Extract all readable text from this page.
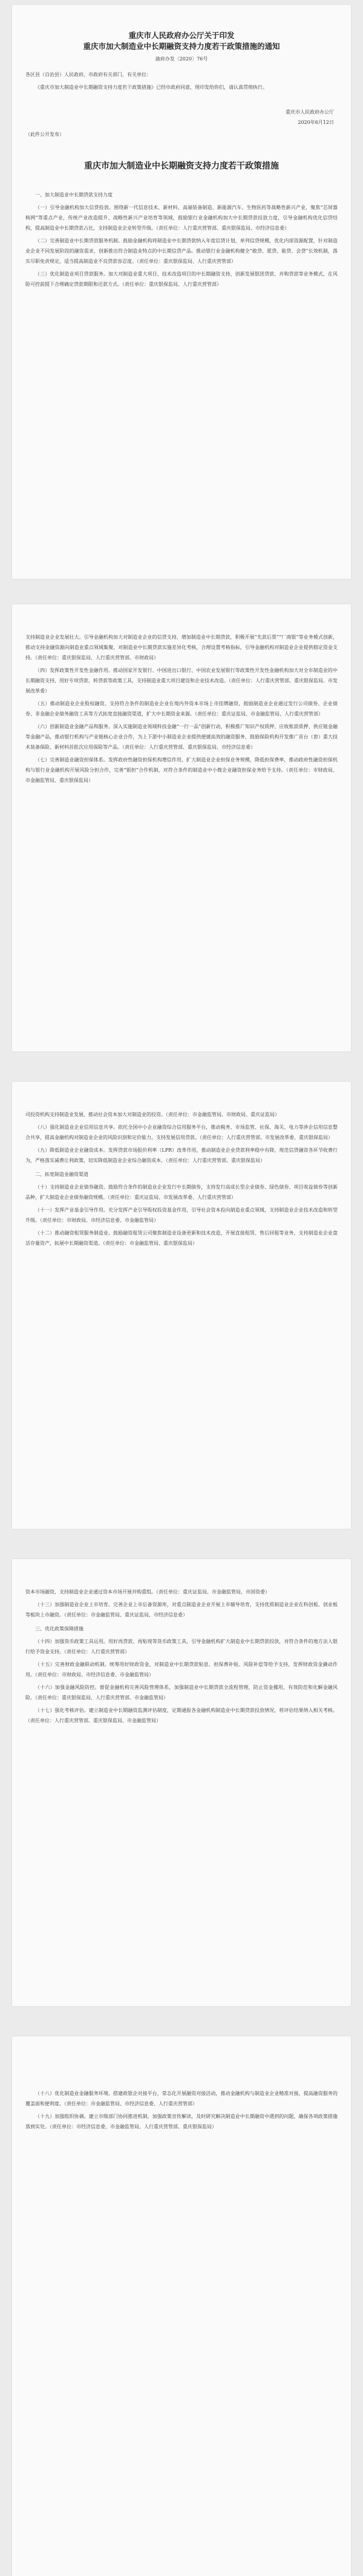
重庆市人民政府办公厅关于印发
重庆市加大制造业中长期融资支持力度若干政策措施的通知
渝府办发〔2020〕76号

各区县（自治县）人民政府，市政府有关部门，有关单位：

《重庆市加大制造业中长期融资支持力度若干政策措施》已经市政府同意，现印发给你们，请认真贯彻执行。

重庆市人民政府办公厅
2020年6月12日
（此件公开发布）
重庆市加大制造业中长期融资支持力度若干政策措施
一、加大制造业中长期贷款支持力度

（一）引导金融机构加大信贷投放。围绕新一代信息技术、新材料、高端装备制造、新能源汽车、生物医药等战略性新兴产业，聚焦“芯屏器核网”等重点产业，传统产业改造提升、战略性新兴产业培育等领域，鼓励银行业金融机构加大中长期贷款投放力度，引导金融机构优化信贷结构，提高制造业中长期贷款占比，支持制造业企业转型升级。（责任单位：人行重庆营管部、重庆银保监局、市经济信息委）

（二）完善制造业中长期贷款服务机制。鼓励金融机构将制造业中长期贷款纳入年度信贷计划，单列信贷规模，优化内部资源配置，针对制造业企业不同发展阶段的融资需求，创新推出符合制造业特点的中长期信贷产品。推动银行业金融机构健全“敢贷、愿贷、能贷、会贷”长效机制，落实尽职免责规定，适当提高制造业不良贷款容忍度。（责任单位：重庆银保监局、人行重庆营管部）

（三）优化制造业项目贷款服务。加大对制造业重大项目、技术改造项目的中长期融资支持，创新发展银团贷款、并购贷款等业务模式，在风险可控前提下合理确定贷款期限和还款方式。（责任单位：重庆银保监局、人行重庆营管部）

支持制造业企业发展壮大。引导金融机构加大对制造业企业的信贷支持，增加制造业中长期贷款，积极开展“先款后票”“厂商银”等业务模式创新，推动支持金融资源向制造业重点领域集聚，对制造业中长期贷款实施差异化考核，合理设置考核指标，引导金融机构对制造业企业提供稳定资金支持。（责任单位：重庆银保监局、人行重庆营管部、市财政局）

（四）发挥政策性开发性金融作用。推动国家开发银行、中国进出口银行、中国农业发展银行等政策性开发性金融机构加大对全市制造业的中长期融资支持，用好专项贷款、转贷款等政策工具，支持制造业重大项目建设和企业技术改造。（责任单位：人行重庆营管部、重庆银保监局、市发展改革委）

（五）推动制造业企业股权融资。支持符合条件的制造业企业在境内外资本市场上市挂牌融资，鼓励制造业企业通过发行公司债券、企业债券、非金融企业债务融资工具等方式拓宽直接融资渠道，扩大中长期资金来源。（责任单位：重庆证监局、市金融监管局、人行重庆营管部）

（六）创新制造业金融产品和服务。深入实施制造业领域科技金融“一行一品”创新行动，积极推广知识产权质押、应收账款质押、供应链金融等金融产品，推动银行机构与产业链核心企业合作，为上下游中小制造业企业提供便捷高效的融资服务，鼓励保险机构开发推广首台（套）重大技术装备保险、新材料首批次应用保险等产品。（责任单位：人行重庆营管部、重庆银保监局、市经济信息委）

（七）完善制造业融资担保体系。发挥政府性融资担保机构增信作用，扩大制造业企业担保业务规模，降低担保费率，推动政府性融资担保机构与银行业金融机构开展风险分担合作，完善“银担”合作机制，对符合条件的制造业中小微企业融资担保业务给予支持。（责任单位：市财政局、市金融监管局、重庆银保监局）

司投资机构支持制造业发展，推动社会资本加大对制造业的投资。（责任单位：市金融监管局、市财政局、重庆证监局）

（八）强化制造业企业信用信息共享。依托全国中小企业融资综合信用服务平台，推动税务、市场监管、社保、海关、电力等涉企信用信息整合共享，提高金融机构对制造业企业的风险识别和定价能力，支持发展信用贷款。（责任单位：人行重庆营管部、市发展改革委、重庆银保监局）

（九）降低制造业企业融资成本。发挥贷款市场报价利率（LPR）改革作用，推动制造业企业贷款利率稳中有降，规范信贷融资各环节收费行为，严格落实减费让利政策，切实降低制造业企业综合融资成本。（责任单位：人行重庆营管部、重庆银保监局）

二、拓宽制造业融资渠道

（十）支持制造业企业债券融资。鼓励符合条件的制造业企业发行中长期债券，支持发行高成长型企业债券、绿色债券、项目收益债券等创新品种，扩大制造业企业债券融资规模。（责任单位：重庆证监局、市发展改革委、人行重庆营管部）

（十一）发挥产业基金引导作用。充分发挥产业引导股权投资基金作用，引导社会资本投向制造业重点领域，支持制造业企业技术改造和转型升级。（责任单位：市财政局、市经济信息委、市金融监管局）

（十二）推动融资租赁服务制造业。鼓励融资租赁公司聚焦制造业设备更新和技术改造，开展直接租赁、售后回租等业务，支持制造业企业盘活存量资产，拓展中长期融资渠道。（责任单位：市金融监管局、重庆银保监局）

资本市场融资，支持制造业企业通过资本市场开展并购重组。（责任单位：重庆证监局、市金融监管局、市国资委）

（十三）加强制造业企业上市培育。完善企业上市后备资源库，对重点制造业企业开展上市辅导培育，支持优质制造业企业在科创板、创业板等板块上市融资。（责任单位：市金融监管局、重庆证监局、市经济信息委）

三、优化政策保障措施

（十四）加强货币政策工具运用。用好再贷款、再贴现等货币政策工具，引导金融机构扩大制造业中长期贷款投放，对符合条件的地方法人银行给予资金支持。（责任单位：人行重庆营管部）

（十五）完善财政金融联动机制。统筹用好财政资金，对制造业中长期贷款贴息、担保费补贴、风险补偿等给予支持，发挥财政资金撬动作用。（责任单位：市财政局、市经济信息委、市金融监管局）

（十六）加强金融风险防控。督促金融机构完善风险管理体系，加强制造业中长期贷款全流程管理，防止资金挪用，有效防范和化解金融风险。（责任单位：重庆银保监局、人行重庆营管部、市金融监管局）

（十七）强化考核评估。建立制造业中长期融资监测评估制度，定期通报各金融机构制造业中长期贷款投放情况，将评估结果纳入相关考核。（责任单位：人行重庆营管部、重庆银保监局、市金融监管局）

（十八）优化制造业金融服务环境。搭建政银企对接平台，常态化开展融资对接活动，推动金融机构与制造业企业精准对接，提高融资服务的覆盖面和便利度。（责任单位：市金融监管局、市经济信息委、人行重庆营管部）

（十九）加强组织协调。建立市级部门协同推进机制，加强政策宣传解读，及时研究解决制造业中长期融资中遇到的问题，确保各项政策措施落到实处。（责任单位：市经济信息委、市金融监管局、人行重庆营管部、重庆银保监局）
